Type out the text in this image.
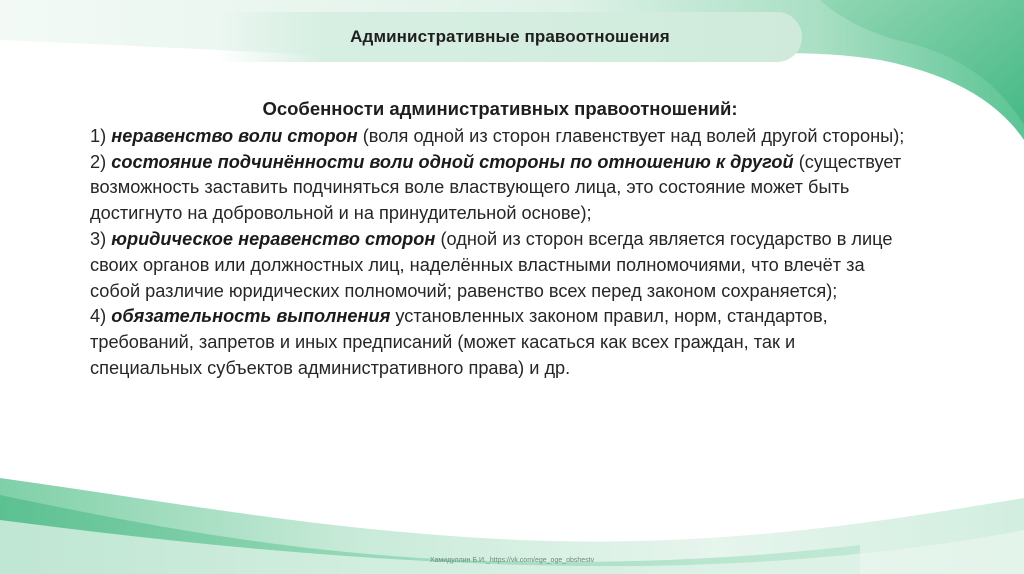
Административные правоотношения
Особенности административных правоотношений:

1) неравенство воли сторон (воля одной из сторон главенствует над волей другой стороны);

2) состояние подчинённости воли одной стороны по отношению к другой (существует возможность заставить подчиняться воле властвующего лица, это состояние может быть достигнуто на добровольной и на принудительной основе);

3) юридическое неравенство сторон (одной из сторон всегда является государство в лице своих органов или должностных лиц, наделённых властными полномочиями, что влечёт за собой различие юридических полномочий; равенство всех перед законом сохраняется);

4) обязательность выполнения установленных законом правил, норм, стандартов, требований, запретов и иных предписаний (может касаться как всех граждан, так и специальных субъектов административного права) и др.

Хамидуллин Б.И._https://vk.com/ege_oge_obshestv
